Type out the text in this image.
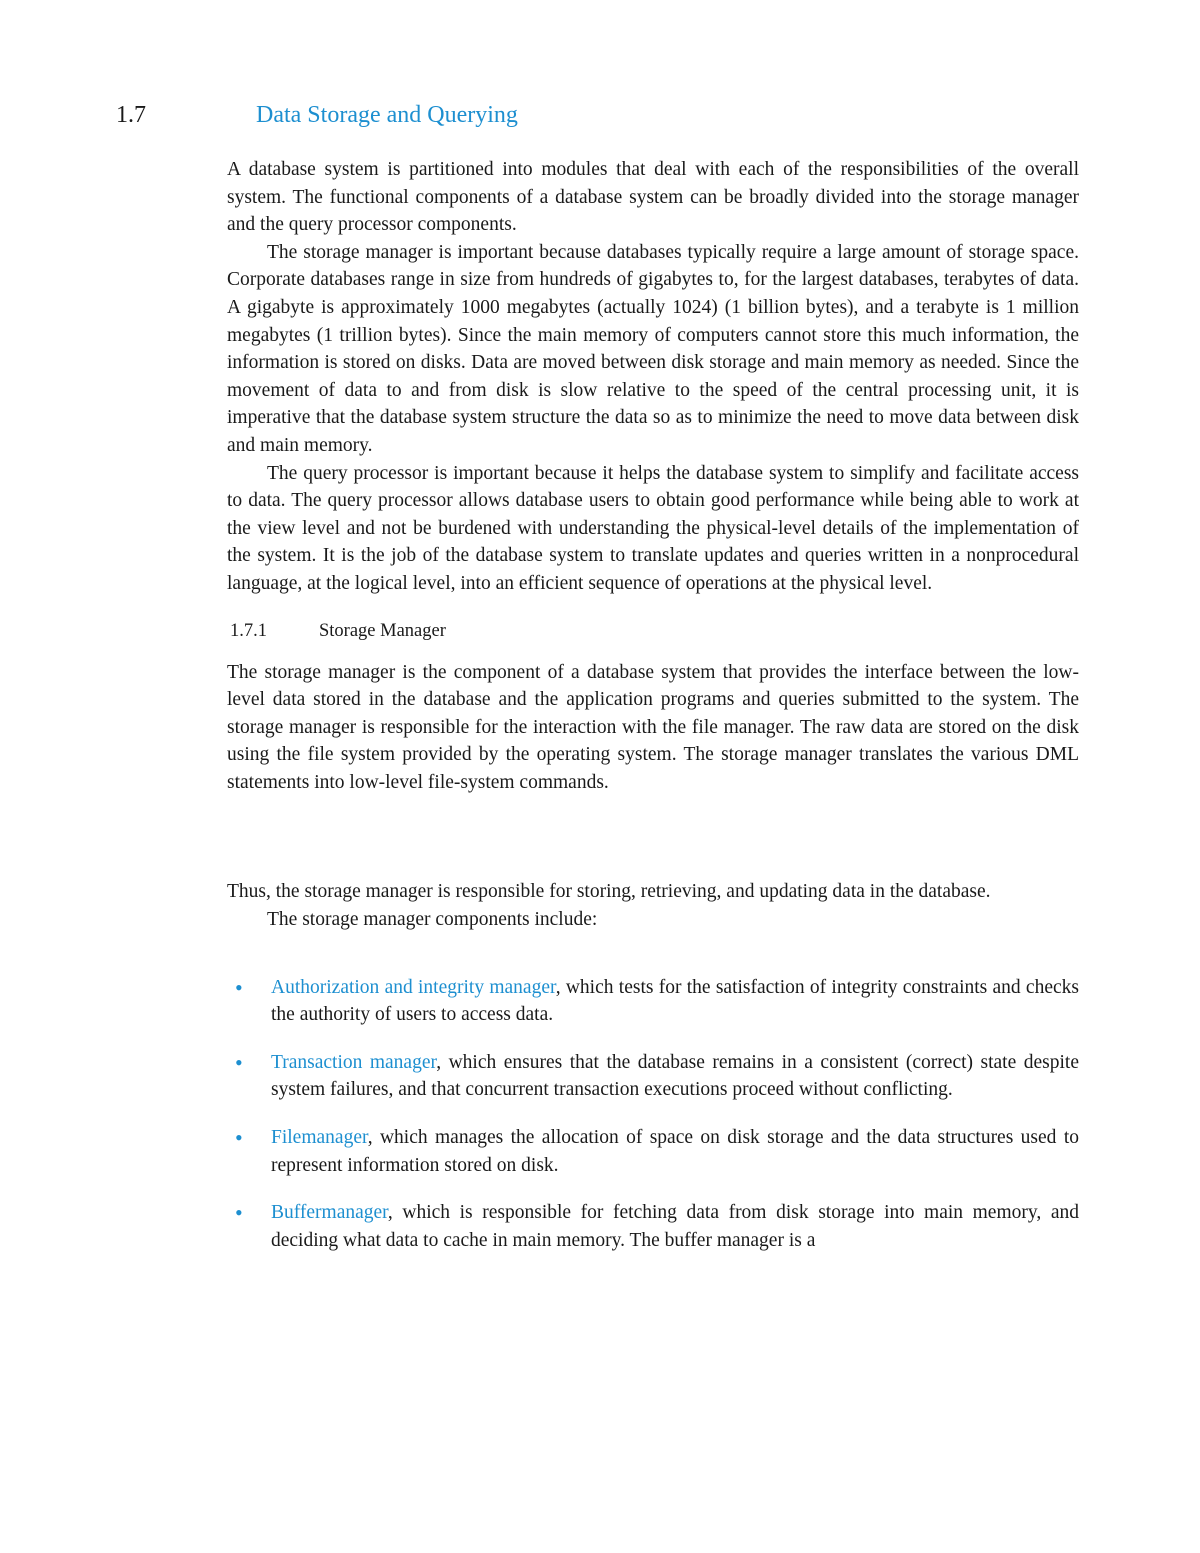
1.7	Data Storage and Querying

A database system is partitioned into modules that deal with each of the responsibilities of the overall system. The functional components of a database system can be broadly divided into the storage manager and the query processor components.

The storage manager is important because databases typically require a large amount of storage space. Corporate databases range in size from hundreds of gigabytes to, for the largest databases, terabytes of data. A gigabyte is approximately 1000 megabytes (actually 1024) (1 billion bytes), and a terabyte is 1 million megabytes (1 trillion bytes). Since the main memory of computers cannot store this much information, the information is stored on disks. Data are moved between disk storage and main memory as needed. Since the movement of data to and from disk is slow relative to the speed of the central processing unit, it is imperative that the database system structure the data so as to minimize the need to move data between disk and main memory.

The query processor is important because it helps the database system to simplify and facilitate access to data. The query processor allows database users to obtain good performance while being able to work at the view level and not be burdened with understanding the physical-level details of the implementation of the system. It is the job of the database system to translate updates and queries written in a nonprocedural language, at the logical level, into an efficient sequence of operations at the physical level.

1.7.1	Storage Manager

The storage manager is the component of a database system that provides the interface between the low-level data stored in the database and the application programs and queries submitted to the system. The storage manager is responsible for the interaction with the file manager. The raw data are stored on the disk using the file system provided by the operating system. The storage manager translates the various DML statements into low-level file-system commands.

Thus, the storage manager is responsible for storing, retrieving, and updating data in the database.

The storage manager components include:

• Authorization and integrity manager, which tests for the satisfaction of integrity constraints and checks the authority of users to access data.
• Transaction manager, which ensures that the database remains in a consistent (correct) state despite system failures, and that concurrent transaction executions proceed without conflicting.
• Filemanager, which manages the allocation of space on disk storage and the data structures used to represent information stored on disk.
• Buffermanager, which is responsible for fetching data from disk storage into main memory, and deciding what data to cache in main memory. The buffer manager is a
